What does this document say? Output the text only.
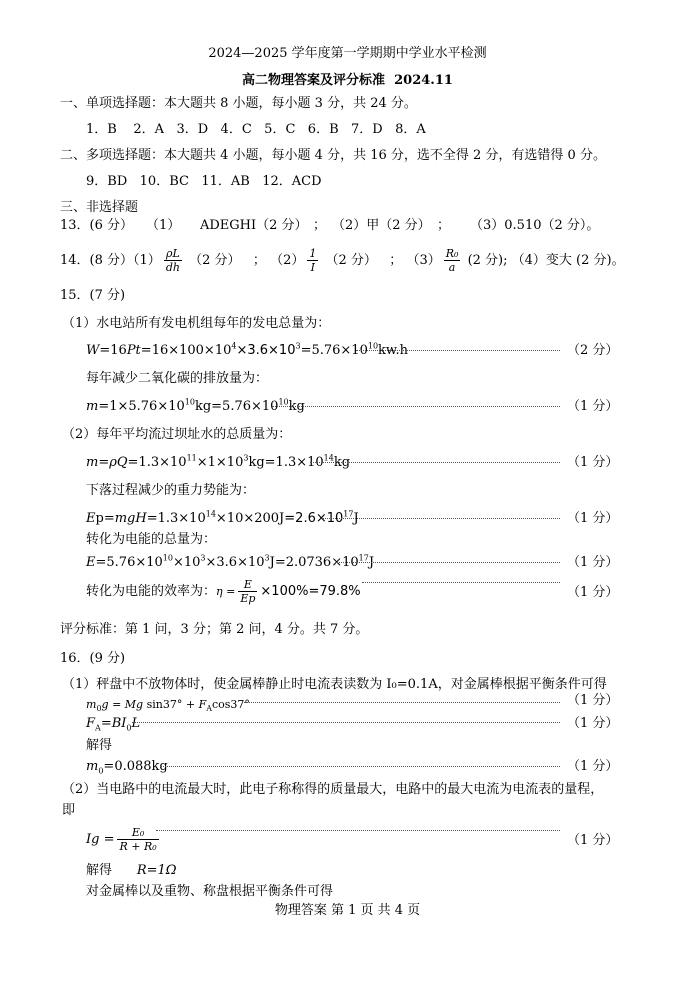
2024—2025 学年度第一学期期中学业水平检测
高二物理答案及评分标准 2024.11
一、单项选择题：本大题共 8 小题，每小题 3 分，共 24 分。
1．B 2．A 3．D 4．C 5．C 6．B 7．D 8．A
二、多项选择题：本大题共 4 小题，每小题 4 分，共 16 分，选不全得 2 分，有选错得 0 分。
9．BD 10．BC 11．AB 12．ACD
三、非选择题
13．(6 分） （1） ADEGHI（2 分） ； （2）甲（2 分） ； （3）0.510（2 分）。
14．(8 分）$(1) \frac{\rho L}{dh} (2$ 分） ； $(2) \frac{1}{I} (2$ 分） ； $(3) \frac{\text{R₀}}{a} (2$ 分); （4）变大 (2 分)。
15．(7 分)
（1）水电站所有发电机组每年的发电总量为：
$W=16Pt=16\times 100\times 10^4\times 3.6\times 10^3=5.76\times 10^{10}kw.h$	（2 分）
每年减少二氧化碳的排放量为：
$m=1\times 5.76\times 10^{10}kg=5.76\times 10^{10}kg$	（1 分）
（2）每年平均流过坝址水的总质量为：
$m=\rho Q=1.3\times 10^{11}\times 1\times 10^3kg=1.3\times 10^{14}kg$	（1 分）
下落过程减少的重力势能为：
$Ep=mgH=1.3\times 10^{14}\times 10\times 200J=2.6\times 10^{17}J$	（1 分）
转化为电能的总量为：
$E=5.76\times 10^{10}\times 10^3\times 3.6\times 10^3J=2.0736\times 10^{17}J$	（1 分）
转化为电能的效率为：$\eta = \frac{E}{Ep} \times 100\%=79.8\%$	（1 分）
评分标准：第 1 问，3 分；第 2 问，4 分。共 7 分。
16．(9 分)
（1）秤盘中不放物体时，使金属棒静止时电流表读数为 I₀=0.1A，对金属棒根据平衡条件可得
$m_0g = Mg$ $\sin 37^\circ + F_A\cos 37^\circ$	（1 分）
$F_A=BI_0L$	（1 分）
解得
$m_0=0.088kg$	（1 分）
（2）当电路中的电流最大时，此电子称称得的质量最大，电路中的最大电流为电流表的量程，
即
$Ig = \frac{\text{E₀}}{\text{R + R₀}}$	（1 分）
解得 R=1Ω
对金属棒以及重物、称盘根据平衡条件可得
物理答案 第 1 页 共 4 页
